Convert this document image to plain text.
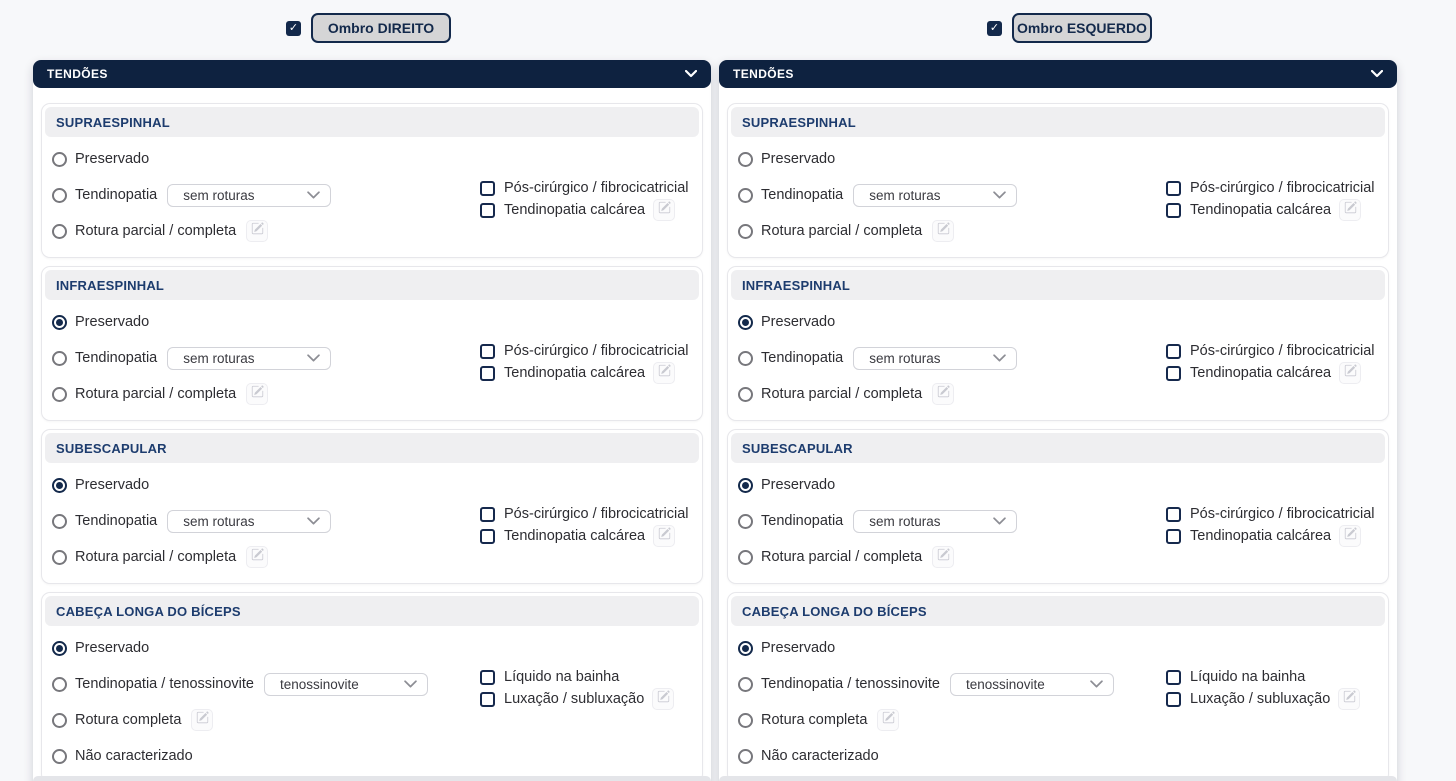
✓	Ombro DIREITO	✓	Ombro ESQUERDO
TENDÕES
SUPRAESPINHAL
Preservado
Tendinopatia sem roturas
Rotura parcial / completa
Pós-cirúrgico / fibrocicatricial
Tendinopatia calcárea
INFRAESPINHAL
Preservado
Tendinopatia sem roturas
Rotura parcial / completa
Pós-cirúrgico / fibrocicatricial
Tendinopatia calcárea
SUBESCAPULAR
Preservado
Tendinopatia sem roturas
Rotura parcial / completa
Pós-cirúrgico / fibrocicatricial
Tendinopatia calcárea
CABEÇA LONGA DO BÍCEPS
Preservado
Tendinopatia / tenossinovite tenossinovite
Rotura completa
Não caracterizado
Líquido na bainha
Luxação / subluxação
TENDÕES
SUPRAESPINHAL
Preservado
Tendinopatia sem roturas
Rotura parcial / completa
Pós-cirúrgico / fibrocicatricial
Tendinopatia calcárea
INFRAESPINHAL
Preservado
Tendinopatia sem roturas
Rotura parcial / completa
Pós-cirúrgico / fibrocicatricial
Tendinopatia calcárea
SUBESCAPULAR
Preservado
Tendinopatia sem roturas
Rotura parcial / completa
Pós-cirúrgico / fibrocicatricial
Tendinopatia calcárea
CABEÇA LONGA DO BÍCEPS
Preservado
Tendinopatia / tenossinovite tenossinovite
Rotura completa
Não caracterizado
Líquido na bainha
Luxação / subluxação
